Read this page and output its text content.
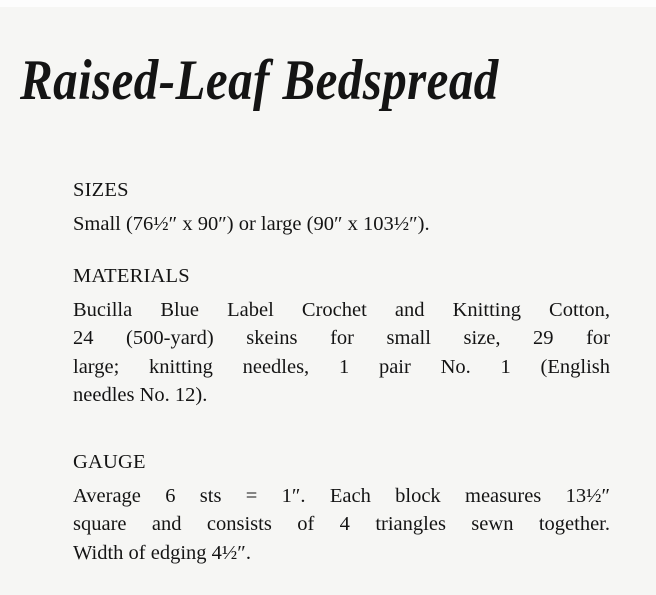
Raised-Leaf Bedspread
SIZES
Small (76½″ x 90″) or large (90″ x 103½″).
MATERIALS
Bucilla Blue Label Crochet and Knitting Cotton,
24 (500-yard) skeins for small size, 29 for
large; knitting needles, 1 pair No. 1 (English
needles No. 12).
GAUGE
Average 6 sts = 1″. Each block measures 13½″
square and consists of 4 triangles sewn together.
Width of edging 4½″.
